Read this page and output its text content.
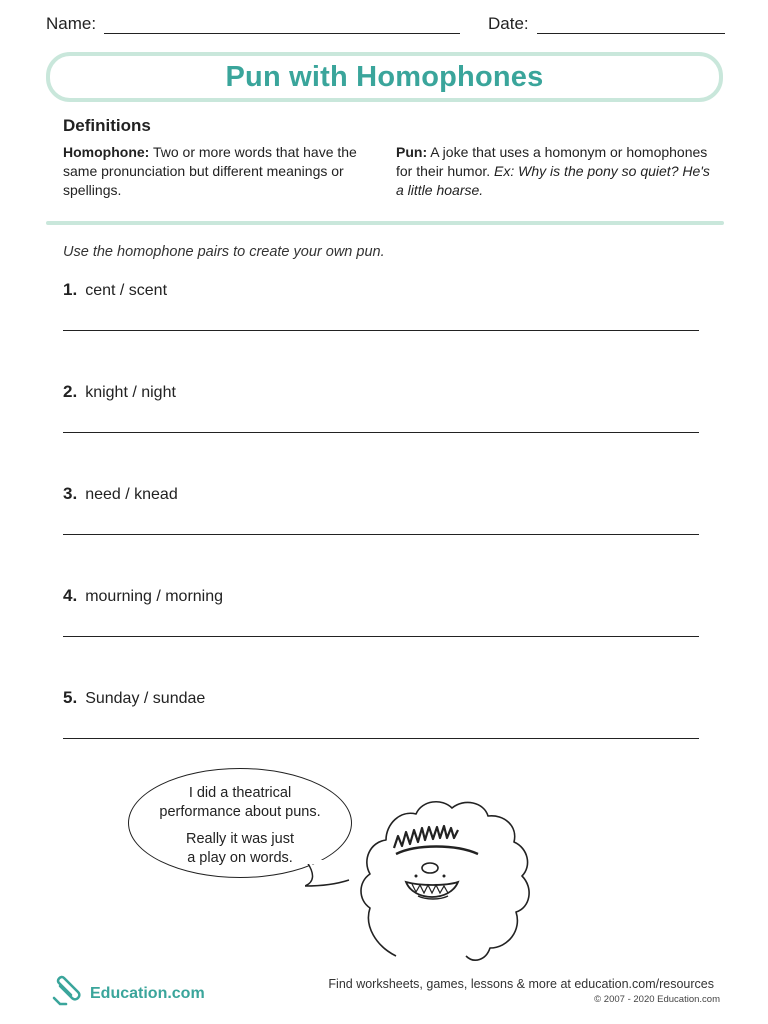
Name:	Date:
Pun with Homophones
Definitions
Homophone: Two or more words that have the same pronunciation but different meanings or spellings.
Pun: A joke that uses a homonym or homophones for their humor. Ex: Why is the pony so quiet? He's a little hoarse.
Use the homophone pairs to create your own pun.
1. cent / scent
2. knight / night
3. need / knead
4. mourning / morning
5. Sunday / sundae
I did a theatrical
performance about puns.
Really it was just
a play on words.
Education.com
Find worksheets, games, lessons & more at education.com/resources
© 2007 - 2020 Education.com
